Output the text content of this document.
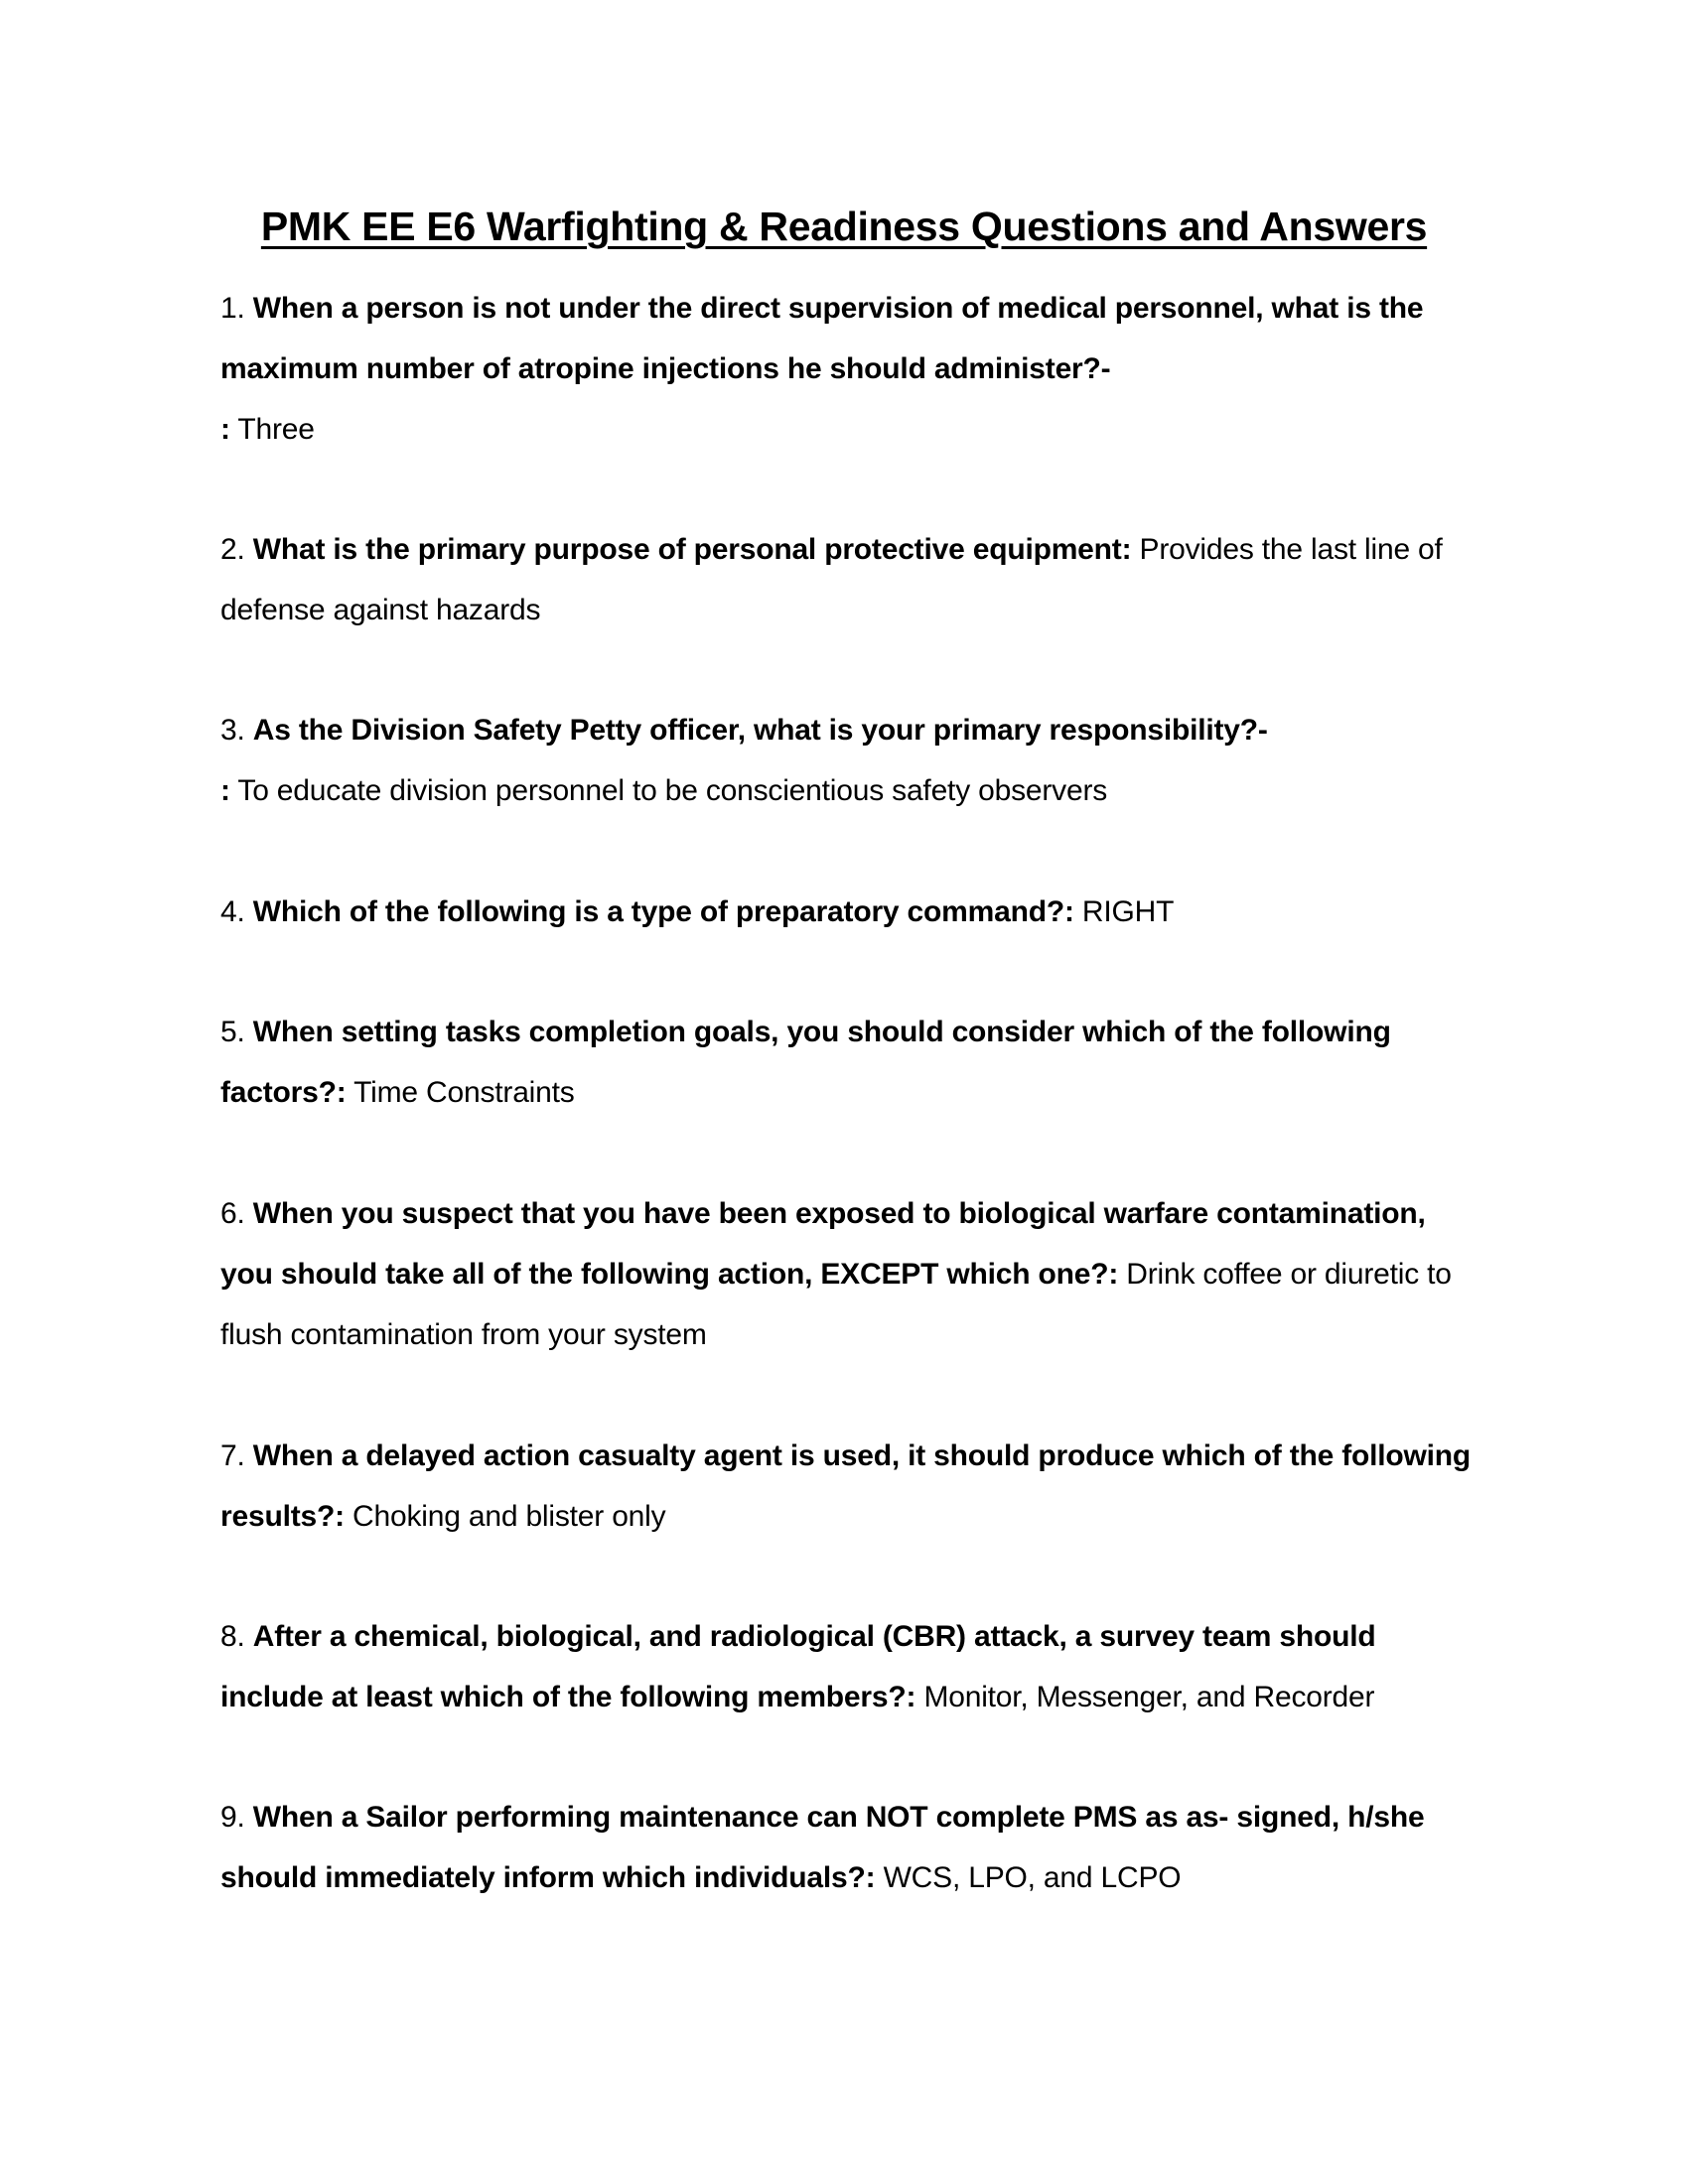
PMK EE E6 Warfighting & Readiness Questions and Answers
1. When a person is not under the direct supervision of medical personnel, what is the maximum number of atropine injections he should administer?-
: Three
2. What is the primary purpose of personal protective equipment: Provides the last line of defense against hazards
3. As the Division Safety Petty officer, what is your primary responsibility?-
: To educate division personnel to be conscientious safety observers
4. Which of the following is a type of preparatory command?: RIGHT
5. When setting tasks completion goals, you should consider which of the following factors?: Time Constraints
6. When you suspect that you have been exposed to biological warfare contamination, you should take all of the following action, EXCEPT which one?: Drink coffee or diuretic to flush contamination from your system
7. When a delayed action casualty agent is used, it should produce which of the following results?: Choking and blister only
8. After a chemical, biological, and radiological (CBR) attack, a survey team should include at least which of the following members?: Monitor, Messenger, and Recorder
9. When a Sailor performing maintenance can NOT complete PMS as as- signed, h/she should immediately inform which individuals?: WCS, LPO, and LCPO
